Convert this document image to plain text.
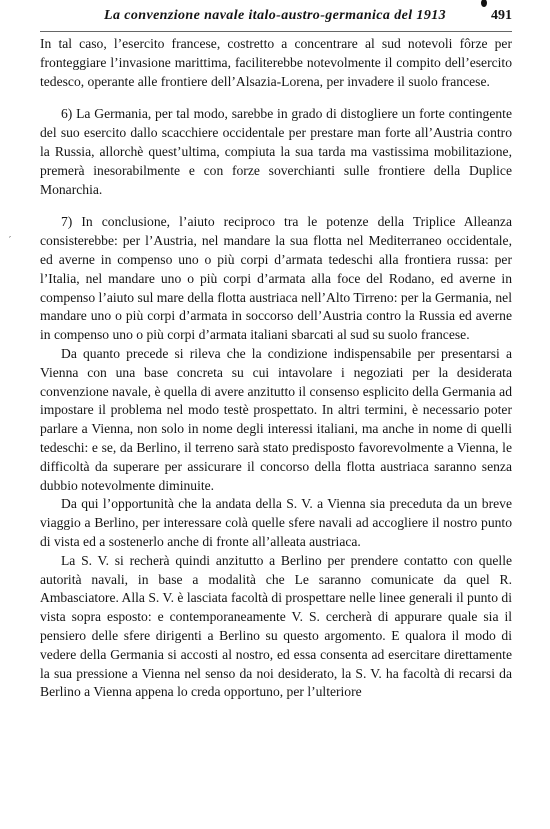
La convenzione navale italo-austro-germanica del 1913	491
′

In tal caso, l’esercito francese, costretto a concentrare al sud notevoli fôrze per fronteggiare l’invasione marittima, faciliterebbe notevolmente il compito dell’esercito tedesco, operante alle frontiere dell’Alsazia-Lorena, per invadere il suolo francese.

6) La Germania, per tal modo, sarebbe in grado di distogliere un forte contingente del suo esercito dallo scacchiere occidentale per prestare man forte all’Austria contro la Russia, allorchè quest’ultima, compiuta la sua tarda ma vastissima mobilitazione, premerà inesorabilmente e con forze soverchianti sulle frontiere della Duplice Monarchia.

7) In conclusione, l’aiuto reciproco tra le potenze della Triplice Alleanza consisterebbe: per l’Austria, nel mandare la sua flotta nel Mediterraneo occidentale, ed averne in compenso uno o più corpi d’armata tedeschi alla frontiera russa: per l’Italia, nel mandare uno o più corpi d’armata alla foce del Rodano, ed averne in compenso l’aiuto sul mare della flotta austriaca nell’Alto Tirreno: per la Germania, nel mandare uno o più corpi d’armata in soccorso dell’Austria contro la Russia ed averne in compenso uno o più corpi d’armata italiani sbarcati al sud su suolo francese.

Da quanto precede si rileva che la condizione indispensabile per presentarsi a Vienna con una base concreta su cui intavolare i negoziati per la desiderata convenzione navale, è quella di avere anzitutto il consenso esplicito della Germania ad impostare il problema nel modo testè prospettato. In altri termini, è necessario poter parlare a Vienna, non solo in nome degli interessi italiani, ma anche in nome di quelli tedeschi: e se, da Berlino, il terreno sarà stato predisposto favorevolmente a Vienna, le difficoltà da superare per assicurare il concorso della flotta austriaca saranno senza dubbio notevolmente diminuite.

Da qui l’opportunità che la andata della S. V. a Vienna sia preceduta da un breve viaggio a Berlino, per interessare colà quelle sfere navali ad accogliere il nostro punto di vista ed a sostenerlo anche di fronte all’alleata austriaca.

La S. V. si recherà quindi anzitutto a Berlino per prendere contatto con quelle autorità navali, in base a modalità che Le saranno comunicate da quel R. Ambasciatore. Alla S. V. è lasciata facoltà di prospettare nelle linee generali il punto di vista sopra esposto: e contemporaneamente V. S. cercherà di appurare quale sia il pensiero delle sfere dirigenti a Berlino su questo argomento. E qualora il modo di vedere della Germania si accosti al nostro, ed essa consenta ad esercitare direttamente la sua pressione a Vienna nel senso da noi desiderato, la S. V. ha facoltà di recarsi da Berlino a Vienna appena lo creda opportuno, per l’ulteriore
